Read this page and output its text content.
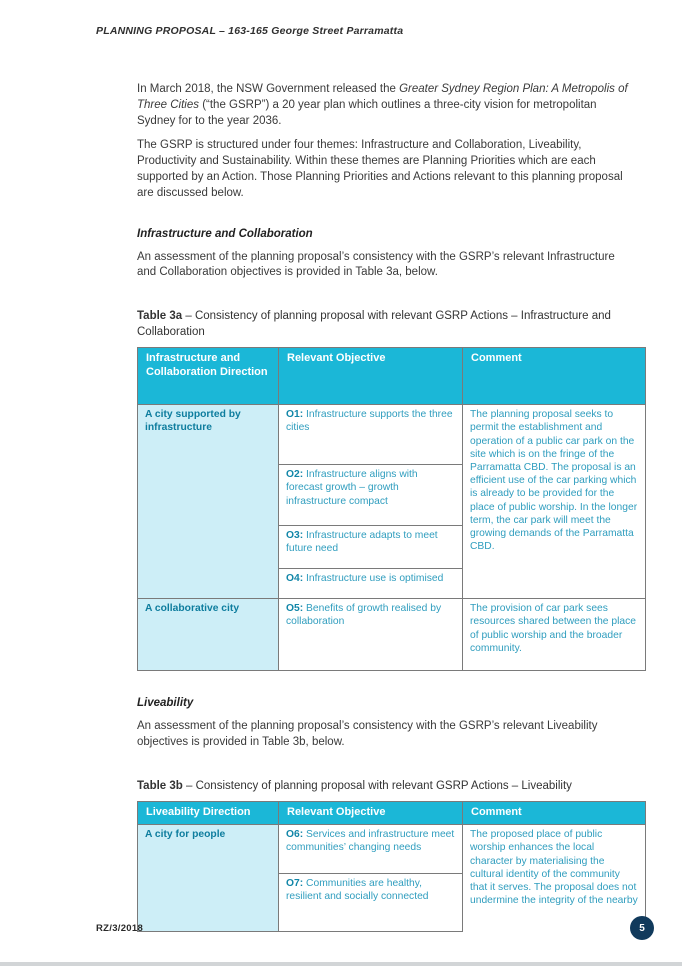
PLANNING PROPOSAL – 163-165 George Street Parramatta

In March 2018, the NSW Government released the Greater Sydney Region Plan: A Metropolis of Three Cities (“the GSRP”) a 20 year plan which outlines a three-city vision for metropolitan Sydney for to the year 2036.

The GSRP is structured under four themes: Infrastructure and Collaboration, Liveability, Productivity and Sustainability. Within these themes are Planning Priorities which are each supported by an Action. Those Planning Priorities and Actions relevant to this planning proposal are discussed below.

Infrastructure and Collaboration

An assessment of the planning proposal’s consistency with the GSRP’s relevant Infrastructure and Collaboration objectives is provided in Table 3a, below.

Table 3a – Consistency of planning proposal with relevant GSRP Actions – Infrastructure and Collaboration

Infrastructure and Collaboration Direction	Relevant Objective	Comment
A city supported by infrastructure	O1: Infrastructure supports the three cities	The planning proposal seeks to permit the establishment and operation of a public car park on the site which is on the fringe of the Parramatta CBD. The proposal is an efficient use of the car parking which is already to be provided for the place of public worship. In the longer term, the car park will meet the growing demands of the Parramatta CBD.
	O2: Infrastructure aligns with forecast growth – growth infrastructure compact	
	O3: Infrastructure adapts to meet future need	
	O4: Infrastructure use is optimised	
A collaborative city	O5: Benefits of growth realised by collaboration	The provision of car park sees resources shared between the place of public worship and the broader community.
Liveability

An assessment of the planning proposal’s consistency with the GSRP’s relevant Liveability objectives is provided in Table 3b, below.

Table 3b – Consistency of planning proposal with relevant GSRP Actions – Liveability

Liveability Direction	Relevant Objective	Comment
A city for people	O6: Services and infrastructure meet communities’ changing needs	The proposed place of public worship enhances the local character by materialising the cultural identity of the community that it serves. The proposal does not undermine the integrity of the nearby

	O7: Communities are healthy, resilient and socially connected	
RZ/3/2018	5
